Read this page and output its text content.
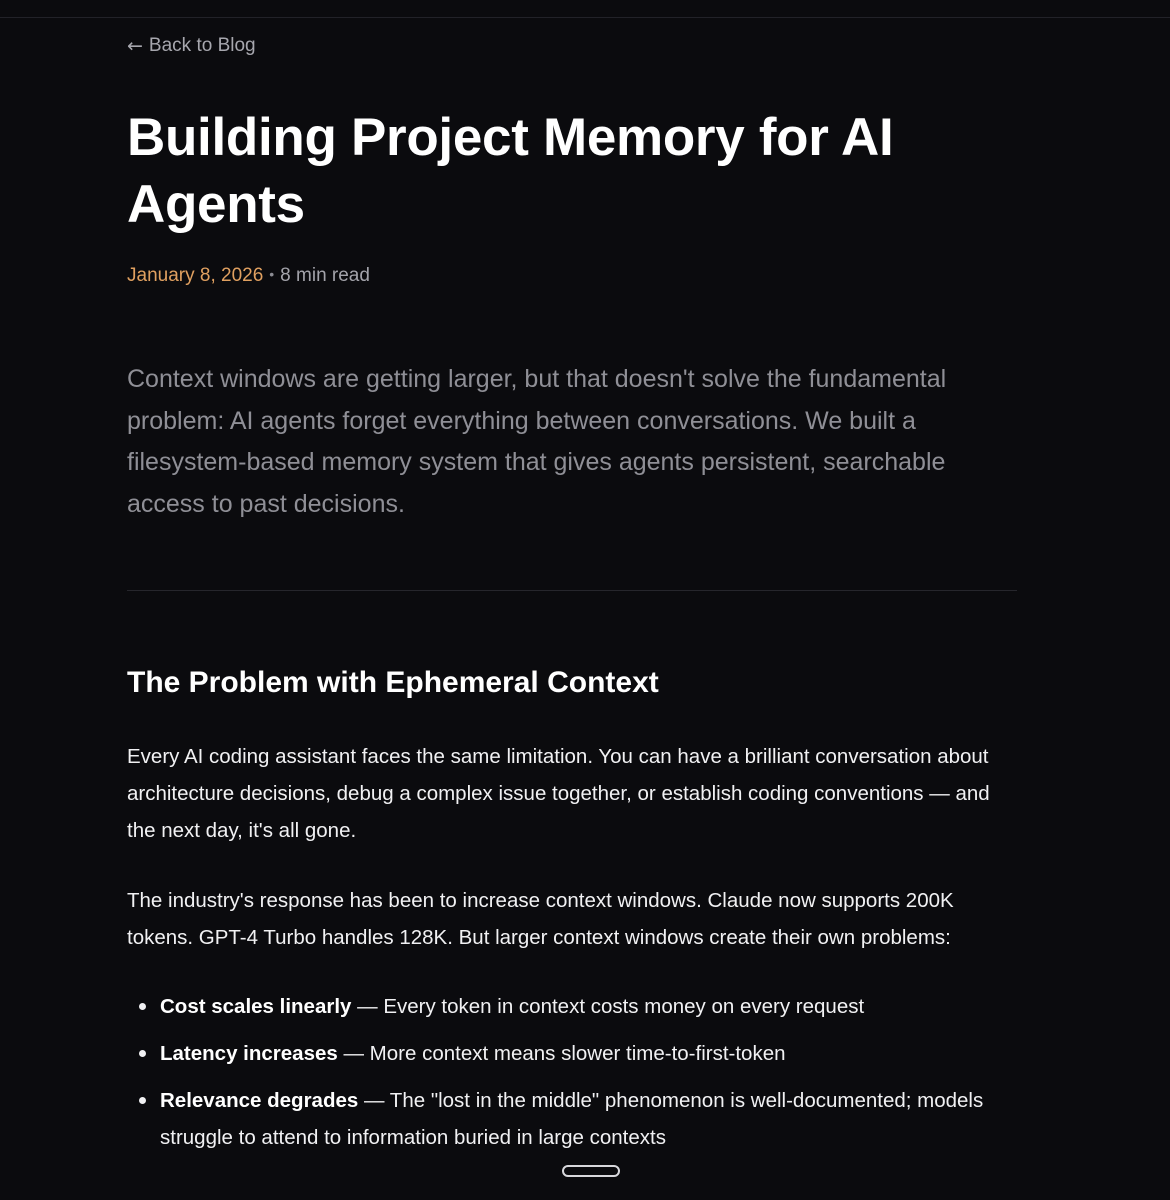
← Back to Blog
Building Project Memory for AI Agents
January 8, 2026 • 8 min read

Context windows are getting larger, but that doesn't solve the fundamental problem: AI agents forget everything between conversations. We built a filesystem-based memory system that gives agents persistent, searchable access to past decisions.

The Problem with Ephemeral Context

Every AI coding assistant faces the same limitation. You can have a brilliant conversation about architecture decisions, debug a complex issue together, or establish coding conventions — and the next day, it's all gone.

The industry's response has been to increase context windows. Claude now supports 200K tokens. GPT-4 Turbo handles 128K. But larger context windows create their own problems:

Cost scales linearly — Every token in context costs money on every request
Latency increases — More context means slower time-to-first-token
Relevance degrades — The "lost in the middle" phenomenon is well-documented; models struggle to attend to information buried in large contexts
